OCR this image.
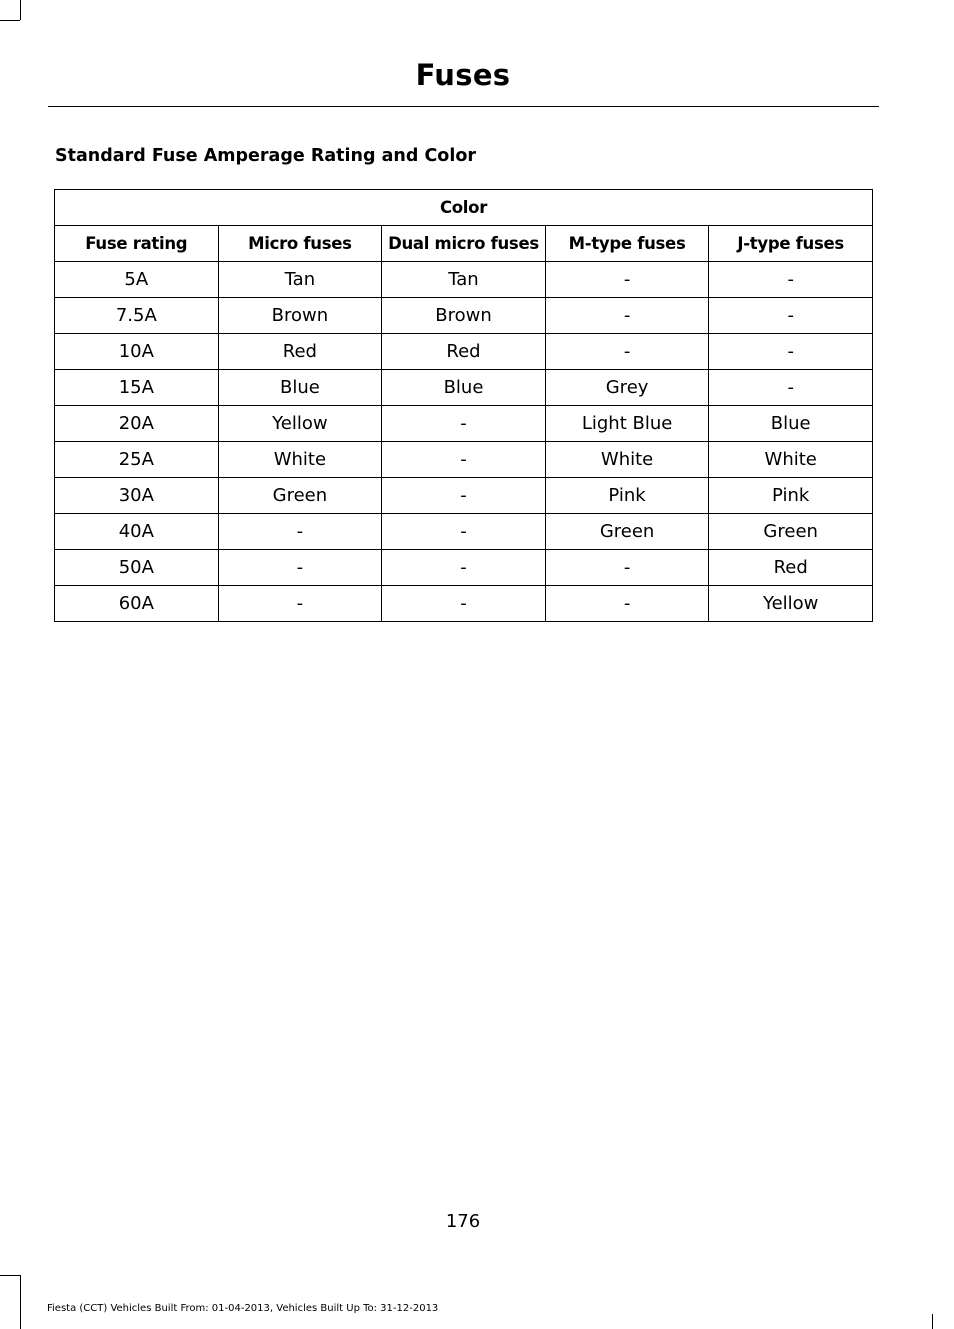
Fuses
Standard Fuse Amperage Rating and Color
Color				
Fuse rating	Micro fuses	Dual micro fuses	M-type fuses	J-type fuses
5A	Tan	Tan	-	-
7.5A	Brown	Brown	-	-
10A	Red	Red	-	-
15A	Blue	Blue	Grey	-
20A	Yellow	-	Light Blue	Blue
25A	White	-	White	White
30A	Green	-	Pink	Pink
40A	-	-	Green	Green
50A	-	-	-	Red
60A	-	-	-	Yellow
176
Fiesta (CCT) Vehicles Built From: 01-04-2013, Vehicles Built Up To: 31-12-2013
